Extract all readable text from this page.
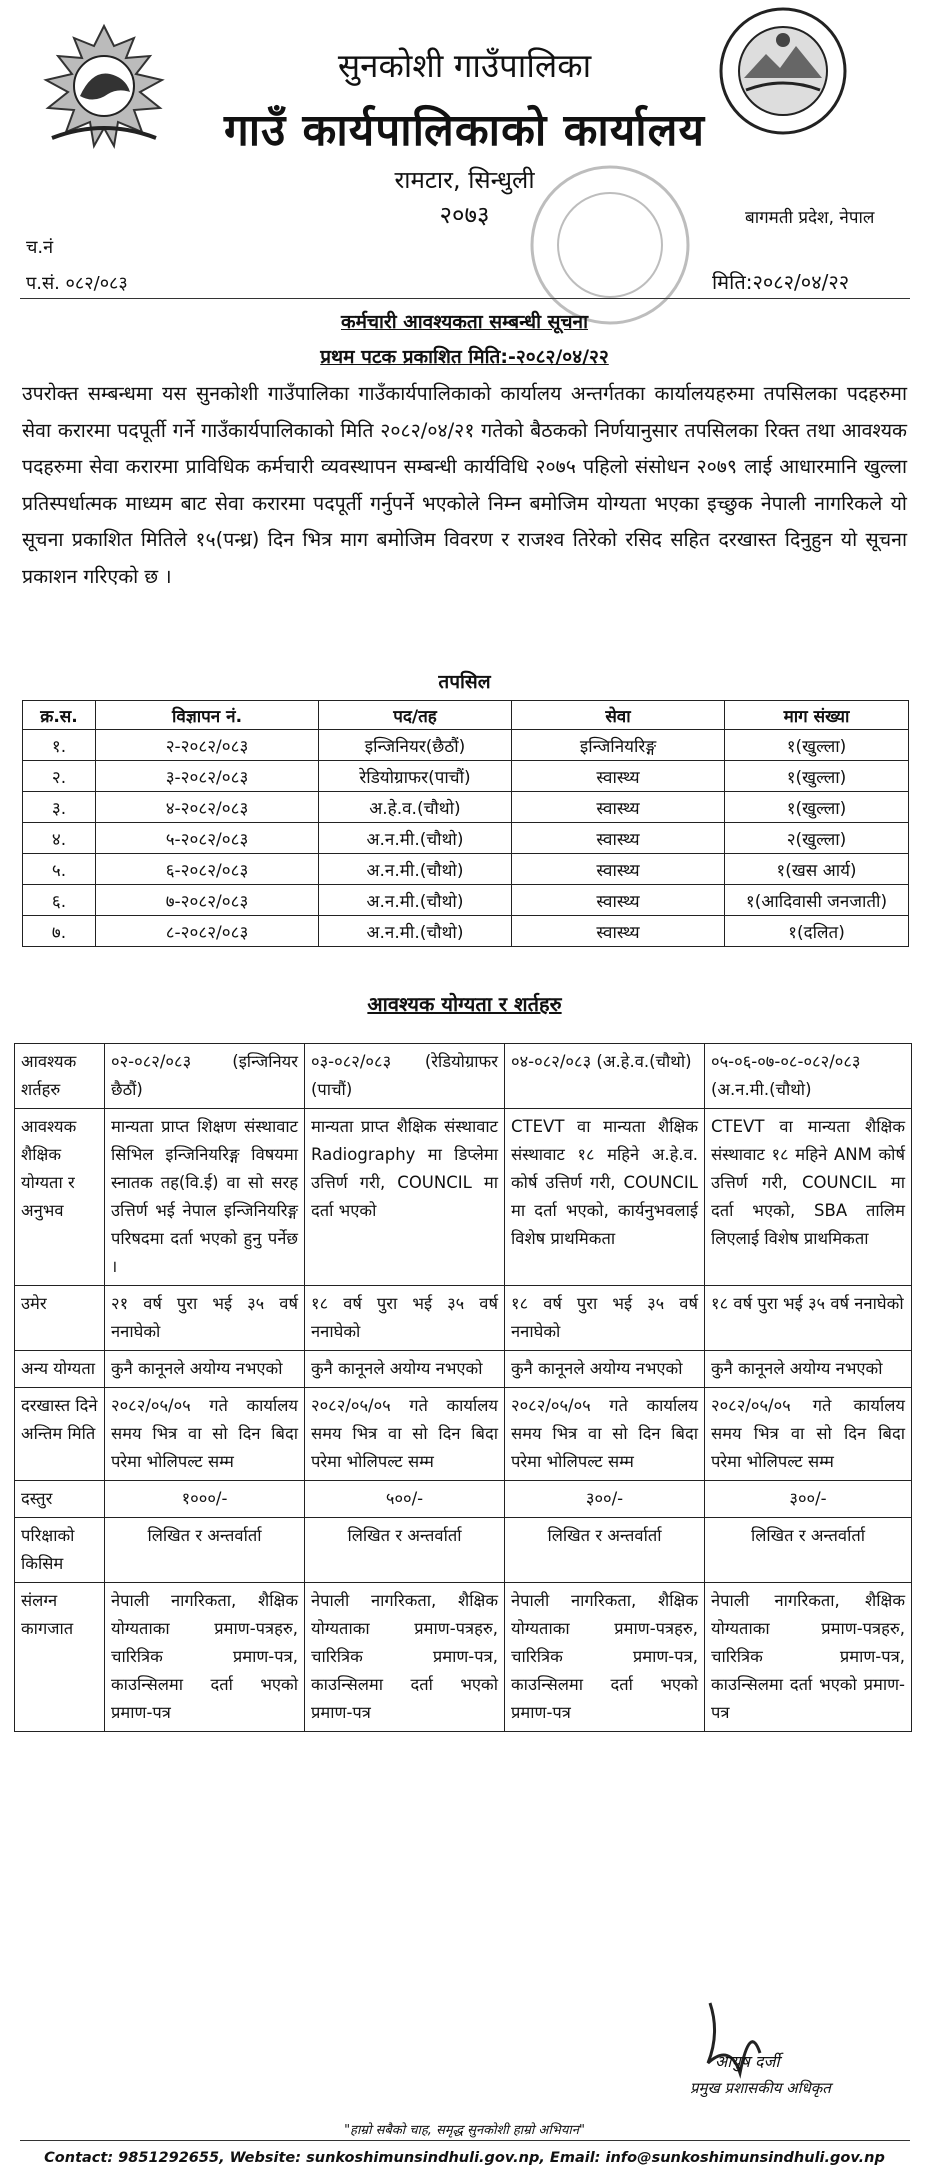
सुनकोशी गाउँपालिका
गाउँ कार्यपालिकाको कार्यालय
रामटार, सिन्धुली
२०७३	बागमती प्रदेश, नेपाल
च.नं
प.सं. ०८२/०८३	मिति:२०८२/०४/२२
कर्मचारी आवश्यकता सम्बन्धी सूचना
प्रथम पटक प्रकाशित मिति:-२०८२/०४/२२
उपरोक्त सम्बन्धमा यस सुनकोशी गाउँपालिका गाउँकार्यपालिकाको कार्यालय अन्तर्गतका कार्यालयहरुमा तपसिलका पदहरुमा सेवा करारमा पदपूर्ती गर्ने गाउँकार्यपालिकाको मिति २०८२/०४/२१ गतेको बैठकको निर्णयानुसार तपसिलका रिक्त तथा आवश्यक पदहरुमा सेवा करारमा प्राविधिक कर्मचारी व्यवस्थापन सम्बन्धी कार्यविधि २०७५ पहिलो संसोधन २०७९ लाई आधारमानि खुल्ला प्रतिस्पर्धात्मक माध्यम बाट सेवा करारमा पदपूर्ती गर्नुपर्ने भएकोले निम्न बमोजिम योग्यता भएका इच्छुक नेपाली नागरिकले यो सूचना प्रकाशित मितिले १५(पन्ध्र) दिन भित्र माग बमोजिम विवरण र राजश्व तिरेको रसिद सहित दरखास्त दिनुहुन यो सूचना प्रकाशन गरिएको छ ।
तपसिल
क्र.स.	विज्ञापन नं.	पद/तह	सेवा	माग संख्या
१.	२-२०८२/०८३	इन्जिनियर(छैठौं)	इन्जिनियरिङ्ग	१(खुल्ला)
२.	३-२०८२/०८३	रेडियोग्राफर(पाचौं)	स्वास्थ्य	१(खुल्ला)
३.	४-२०८२/०८३	अ.हे.व.(चौथो)	स्वास्थ्य	१(खुल्ला)
४.	५-२०८२/०८३	अ.न.मी.(चौथो)	स्वास्थ्य	२(खुल्ला)
५.	६-२०८२/०८३	अ.न.मी.(चौथो)	स्वास्थ्य	१(खस आर्य)
६.	७-२०८२/०८३	अ.न.मी.(चौथो)	स्वास्थ्य	१(आदिवासी जनजाती)
७.	८-२०८२/०८३	अ.न.मी.(चौथो)	स्वास्थ्य	१(दलित)
आवश्यक योग्यता र शर्तहरु
आवश्यक शर्तहरु	०२-०८२/०८३ (इन्जिनियर छैठौं)	०३-०८२/०८३ (रेडियोग्राफर (पाचौं)	०४-०८२/०८३ (अ.हे.व.(चौथो)	०५-०६-०७-०८-०८२/०८३ (अ.न.मी.(चौथो)
आवश्यक शैक्षिक योग्यता र अनुभव	मान्यता प्राप्त शिक्षण संस्थावाट सिभिल इन्जिनियरिङ्ग विषयमा स्नातक तह(वि.ई) वा सो सरह उत्तिर्ण भई नेपाल इन्जिनियरिङ्ग परिषदमा दर्ता भएको हुनु पर्नेछ ।	मान्यता प्राप्त शैक्षिक संस्थावाट Radiography मा डिप्लेमा उत्तिर्ण गरी, COUNCIL मा दर्ता भएको	CTEVT वा मान्यता शैक्षिक संस्थावाट १८ महिने अ.हे.व. कोर्ष उत्तिर्ण गरी, COUNCIL मा दर्ता भएको, कार्यनुभवलाई विशेष प्राथमिकता	CTEVT वा मान्यता शैक्षिक संस्थावाट १८ महिने ANM कोर्ष उत्तिर्ण गरी, COUNCIL मा दर्ता भएको, SBA तालिम लिएलाई विशेष प्राथमिकता
उमेर	२१ वर्ष पुरा भई ३५ वर्ष ननाघेको	१८ वर्ष पुरा भई ३५ वर्ष ननाघेको	१८ वर्ष पुरा भई ३५ वर्ष ननाघेको	१८ वर्ष पुरा भई ३५ वर्ष ननाघेको
अन्य योग्यता	कुनै कानूनले अयोग्य नभएको	कुनै कानूनले अयोग्य नभएको	कुनै कानूनले अयोग्य नभएको	कुनै कानूनले अयोग्य नभएको
दरखास्त दिने अन्तिम मिति	२०८२/०५/०५ गते कार्यालय समय भित्र वा सो दिन बिदा परेमा भोलिपल्ट सम्म	२०८२/०५/०५ गते कार्यालय समय भित्र वा सो दिन बिदा परेमा भोलिपल्ट सम्म	२०८२/०५/०५ गते कार्यालय समय भित्र वा सो दिन बिदा परेमा भोलिपल्ट सम्म	२०८२/०५/०५ गते कार्यालय समय भित्र वा सो दिन बिदा परेमा भोलिपल्ट सम्म
दस्तुर	१०००/-	५००/-	३००/-	३००/-
परिक्षाको किसिम	लिखित र अन्तर्वार्ता	लिखित र अन्तर्वार्ता	लिखित र अन्तर्वार्ता	लिखित र अन्तर्वार्ता
संलग्न कागजात	नेपाली नागरिकता, शैक्षिक योग्यताका प्रमाण-पत्रहरु, चारित्रिक प्रमाण-पत्र, काउन्सिलमा दर्ता भएको प्रमाण-पत्र	नेपाली नागरिकता, शैक्षिक योग्यताका प्रमाण-पत्रहरु, चारित्रिक प्रमाण-पत्र, काउन्सिलमा दर्ता भएको प्रमाण-पत्र	नेपाली नागरिकता, शैक्षिक योग्यताका प्रमाण-पत्रहरु, चारित्रिक प्रमाण-पत्र, काउन्सिलमा दर्ता भएको प्रमाण-पत्र	नेपाली नागरिकता, शैक्षिक योग्यताका प्रमाण-पत्रहरु, चारित्रिक प्रमाण-पत्र, काउन्सिलमा दर्ता भएको प्रमाण-पत्र
आयुष दर्जी
प्रमुख प्रशासकीय अधिकृत
"हाम्रो सबैको चाह, समृद्ध सुनकोशी हाम्रो अभियान"
Contact: 9851292655, Website: sunkoshimunsindhuli.gov.np, Email: info@sunkoshimunsindhuli.gov.np
